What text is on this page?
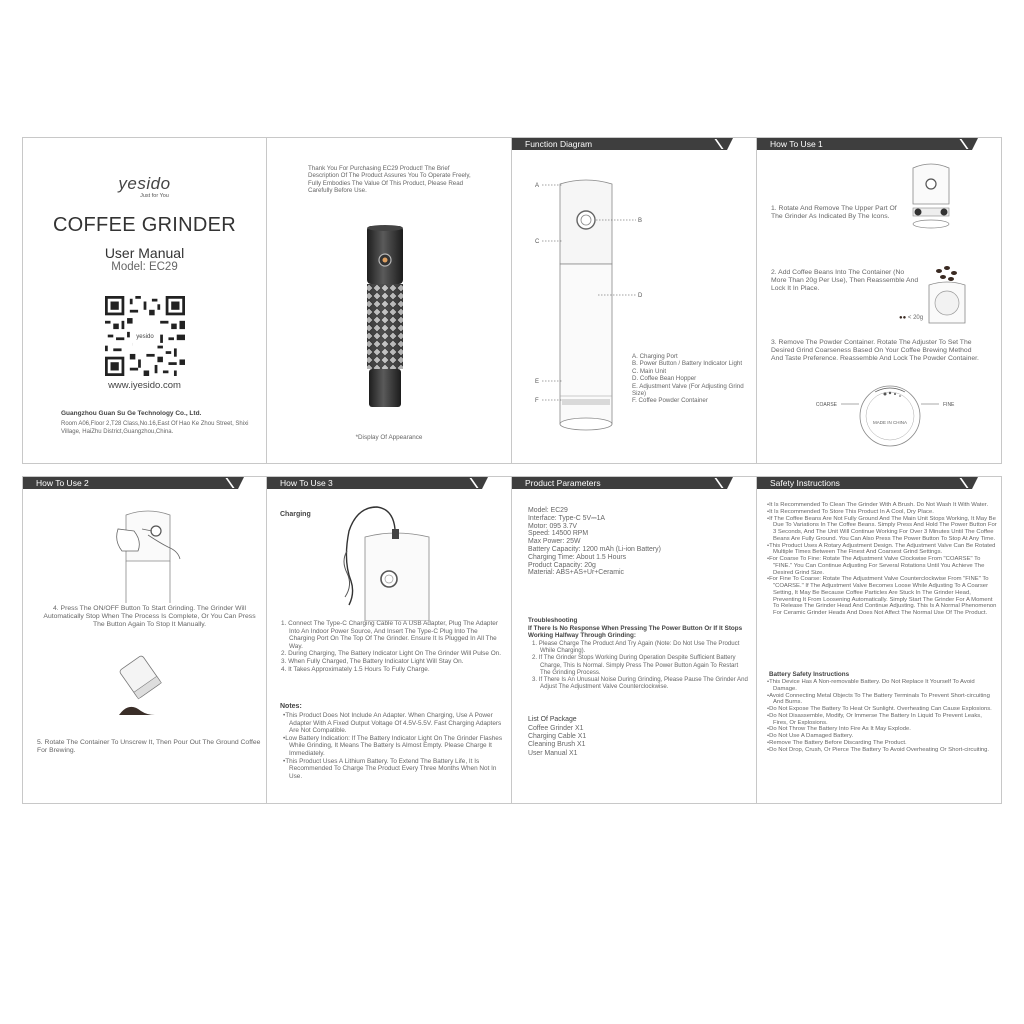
yesido
Just for You
COFFEE GRINDER
User Manual
Model: EC29
yesido
www.iyesido.com
Guangzhou Guan Su Ge Technology Co., Ltd.
Room A06,Floor 2,T28 Class,No.16,East Of Hao Ke Zhou Street, Shixi Village, HaiZhu District,Guangzhou,China.
Thank You For Purchasing EC29 Product! The Brief Description Of The Product Assures You To Operate Freely, Fully Embodies The Value Of This Product, Please Read Carefully Before Use.
*Display Of Appearance
Function Diagram
A
B
C
D
E
F
A. Charging Port
B. Power Button / Battery Indicator Light
C. Main Unit
D. Coffee Bean Hopper
E. Adjustment Valve (For Adjusting Grind Size)
F. Coffee Powder Container
How To Use 1
1. Rotate And Remove The Upper Part Of The Grinder As Indicated By The Icons.
●● < 20g
2. Add Coffee Beans Into The Container (No More Than 20g Per Use), Then Reassemble And Lock It In Place.
3. Remove The Powder Container. Rotate The Adjuster To Set The Desired Grind Coarseness Based On Your Coffee Brewing Method And Taste Preference. Reassemble And Lock The Powder Container.
MADE IN CHINA
COARSE	FINE
How To Use 2
4. Press The ON/OFF Button To Start Grinding. The Grinder Will Automatically Stop When The Process Is Complete, Or You Can Press The Button Again To Stop It Manually.
5. Rotate The Container To Unscrew It, Then Pour Out The Ground Coffee For Brewing.
How To Use 3
Charging
1. Connect The Type-C Charging Cable To A USB Adapter, Plug The Adapter Into An Indoor Power Source, And Insert The Type-C Plug Into The Charging Port On The Top Of The Grinder. Ensure It Is Plugged In All The Way.
2. During Charging, The Battery Indicator Light On The Grinder Will Pulse On.
3. When Fully Charged, The Battery Indicator Light Will Stay On.
4. It Takes Approximately 1.5 Hours To Fully Charge.
Notes:
• This Product Does Not Include An Adapter. When Charging, Use A Power Adapter With A Fixed Output Voltage Of 4.5V-5.5V. Fast Charging Adapters Are Not Compatible.
• Low Battery Indication: If The Battery Indicator Light On The Grinder Flashes While Grinding, It Means The Battery Is Almost Empty. Please Charge It Immediately.
• This Product Uses A Lithium Battery. To Extend The Battery Life, It Is Recommended To Charge The Product Every Three Months When Not In Use.
Product Parameters
Model: EC29
Interface: Type-C 5V⎓1A
Motor: 095 3.7V
Speed: 14500 RPM
Max Power: 25W
Battery Capacity: 1200 mAh (Li-ion Battery)
Charging Time: About 1.5 Hours
Product Capacity: 20g
Material: ABS+AS+Ur+Ceramic
Troubleshooting
If There Is No Response When Pressing The Power Button Or If It Stops Working Halfway Through Grinding:
1. Please Charge The Product And Try Again (Note: Do Not Use The Product While Charging).
2. If The Grinder Stops Working During Operation Despite Sufficient Battery Charge, This Is Normal. Simply Press The Power Button Again To Restart The Grinding Process.
3. If There Is An Unusual Noise During Grinding, Please Pause The Grinder And Adjust The Adjustment Valve Counterclockwise.
List Of Package
Coffee Grinder X1
Charging Cable X1
Cleaning Brush X1
User Manual X1
Safety Instructions
• It Is Recommended To Clean The Grinder With A Brush. Do Not Wash It With Water.
• It Is Recommended To Store This Product In A Cool, Dry Place.
• If The Coffee Beans Are Not Fully Ground And The Main Unit Stops Working, It May Be Due To Variations In The Coffee Beans. Simply Press And Hold The Power Button For 3 Seconds, And The Unit Will Continue Working For Over 3 Minutes Until The Coffee Beans Are Fully Ground. You Can Also Press The Power Button To Stop At Any Time.
• This Product Uses A Rotary Adjustment Design. The Adjustment Valve Can Be Rotated Multiple Times Between The Finest And Coarsest Grind Settings.
• For Coarse To Fine: Rotate The Adjustment Valve Clockwise From "COARSE" To "FINE." You Can Continue Adjusting For Several Rotations Until You Achieve The Desired Grind Size.
• For Fine To Coarse: Rotate The Adjustment Valve Counterclockwise From "FINE" To "COARSE." If The Adjustment Valve Becomes Loose While Adjusting To A Coarser Setting, It May Be Because Coffee Particles Are Stuck In The Grinder Head, Preventing It From Loosening Automatically. Simply Start The Grinder For A Moment To Release The Grinder Head And Continue Adjusting. This Is A Normal Phenomenon For Ceramic Grinder Heads And Does Not Affect The Normal Use Of The Product.
Battery Safety Instructions
• This Device Has A Non-removable Battery. Do Not Replace It Yourself To Avoid Damage.
• Avoid Connecting Metal Objects To The Battery Terminals To Prevent Short-circuiting And Burns.
• Do Not Expose The Battery To Heat Or Sunlight. Overheating Can Cause Explosions.
• Do Not Disassemble, Modify, Or Immerse The Battery In Liquid To Prevent Leaks, Fires, Or Explosions.
• Do Not Throw The Battery Into Fire As It May Explode.
• Do Not Use A Damaged Battery.
• Remove The Battery Before Discarding The Product.
• Do Not Drop, Crush, Or Pierce The Battery To Avoid Overheating Or Short-circuiting.
